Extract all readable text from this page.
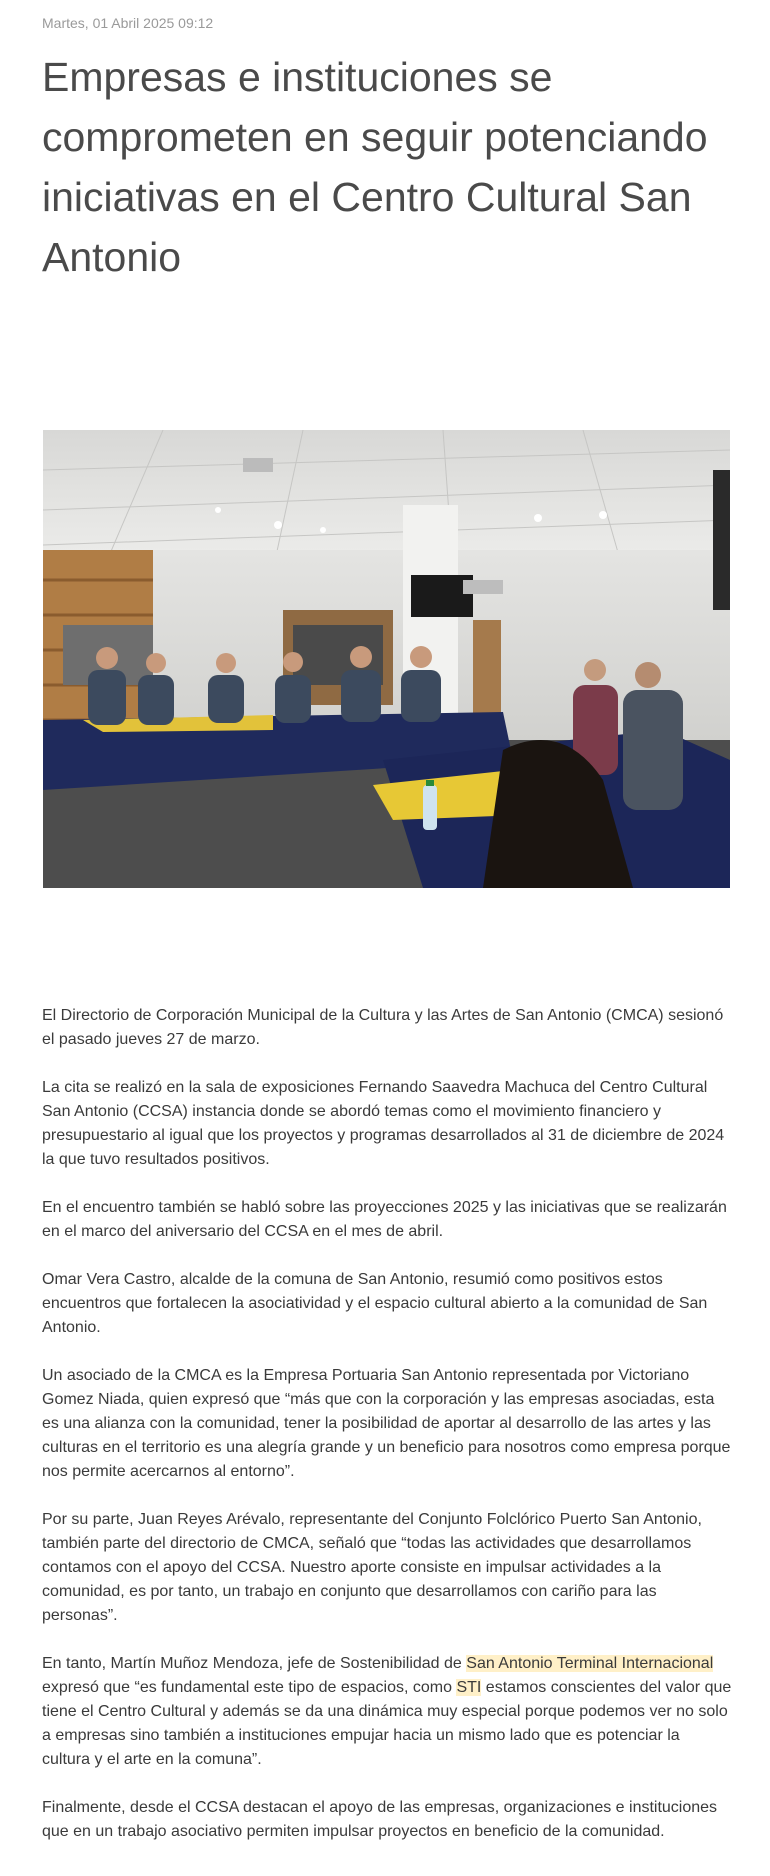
Martes, 01 Abril 2025 09:12
Empresas e instituciones se comprometen en seguir potenciando iniciativas en el Centro Cultural San Antonio

El Directorio de Corporación Municipal de la Cultura y las Artes de San Antonio (CMCA) sesionó el pasado jueves 27 de marzo.

La cita se realizó en la sala de exposiciones Fernando Saavedra Machuca del Centro Cultural San Antonio (CCSA) instancia donde se abordó temas como el movimiento financiero y presupuestario al igual que los proyectos y programas desarrollados al 31 de diciembre de 2024 la que tuvo resultados positivos.

En el encuentro también se habló sobre las proyecciones 2025 y las iniciativas que se realizarán en el marco del aniversario del CCSA en el mes de abril.

Omar Vera Castro, alcalde de la comuna de San Antonio, resumió como positivos estos encuentros que fortalecen la asociatividad y el espacio cultural abierto a la comunidad de San Antonio.

Un asociado de la CMCA es la Empresa Portuaria San Antonio representada por Victoriano Gomez Niada, quien expresó que “más que con la corporación y las empresas asociadas, esta es una alianza con la comunidad, tener la posibilidad de aportar al desarrollo de las artes y las culturas en el territorio es una alegría grande y un beneficio para nosotros como empresa porque nos permite acercarnos al entorno”.

Por su parte, Juan Reyes Arévalo, representante del Conjunto Folclórico Puerto San Antonio, también parte del directorio de CMCA, señaló que “todas las actividades que desarrollamos contamos con el apoyo del CCSA. Nuestro aporte consiste en impulsar actividades a la comunidad, es por tanto, un trabajo en conjunto que desarrollamos con cariño para las personas”.

En tanto, Martín Muñoz Mendoza, jefe de Sostenibilidad de San Antonio Terminal Internacional expresó que “es fundamental este tipo de espacios, como STI estamos conscientes del valor que tiene el Centro Cultural y además se da una dinámica muy especial porque podemos ver no solo a empresas sino también a instituciones empujar hacia un mismo lado que es potenciar la cultura y el arte en la comuna”.

Finalmente, desde el CCSA destacan el apoyo de las empresas, organizaciones e instituciones que en un trabajo asociativo permiten impulsar proyectos en beneficio de la comunidad.
